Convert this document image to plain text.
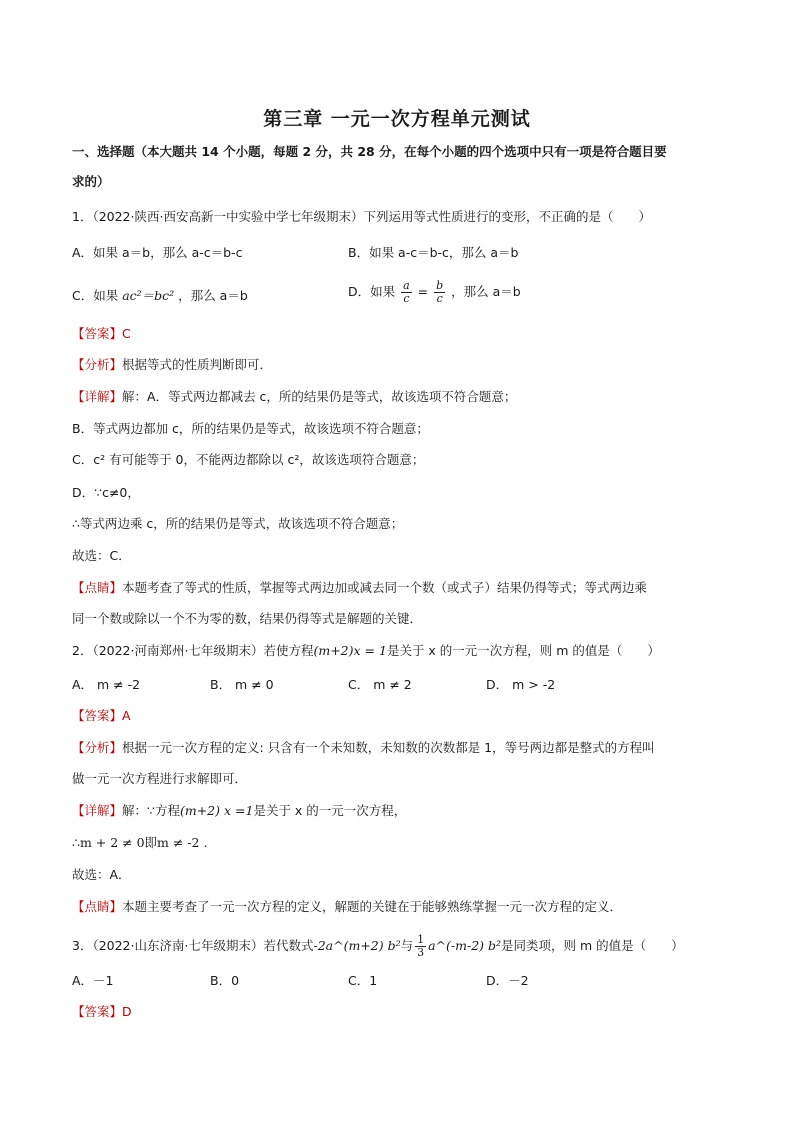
第三章 一元一次方程单元测试
一、选择题（本大题共 14 个小题，每题 2 分，共 28 分，在每个小题的四个选项中只有一项是符合题目要
求的）
1．（2022·陕西·西安高新一中实验中学七年级期末）下列运用等式性质进行的变形，不正确的是（　　）
A．如果 a＝b，那么 a-c＝b-c	B．如果 a-c＝b-c，那么 a＝b
C．如果 ac²＝bc² ，那么 a＝b	D．如果 $\frac{a}{c} = \frac{b}{c}$ ，那么 a＝b
【答案】C
【分析】根据等式的性质判断即可．
【详解】解：A．等式两边都减去 c，所的结果仍是等式，故该选项不符合题意；
B．等式两边都加 c，所的结果仍是等式，故该选项不符合题意；
C．c² 有可能等于 0，不能两边都除以 c²，故该选项符合题意；
D．∵c≠0，
∴等式两边乘 c，所的结果仍是等式，故该选项不符合题意；
故选：C．
【点睛】本题考查了等式的性质，掌握等式两边加或减去同一个数（或式子）结果仍得等式；等式两边乘
同一个数或除以一个不为零的数，结果仍得等式是解题的关键．
2．（2022·河南郑州·七年级期末）若使方程(m+2)x = 1是关于 x 的一元一次方程，则 m 的值是（　　）
A． m ≠ -2	B． m ≠ 0	C． m ≠ 2	D． m > -2
【答案】A
【分析】根据一元一次方程的定义: 只含有一个未知数，未知数的次数都是 1，等号两边都是整式的方程叫
做一元一次方程进行求解即可．
【详解】解：∵方程(m+2) x =1是关于 x 的一元一次方程，
∴m + 2 ≠ 0即m ≠ -2 .
故选：A．
【点睛】本题主要考查了一元一次方程的定义，解题的关键在于能够熟练掌握一元一次方程的定义．
3．（2022·山东济南·七年级期末）若代数式-2a^(m+2) b²与 $\frac{1}{3}$ a^(-m-2) b²是同类项，则 m 的值是（　　）
A．－1	B．0	C．1	D．－2
【答案】D
